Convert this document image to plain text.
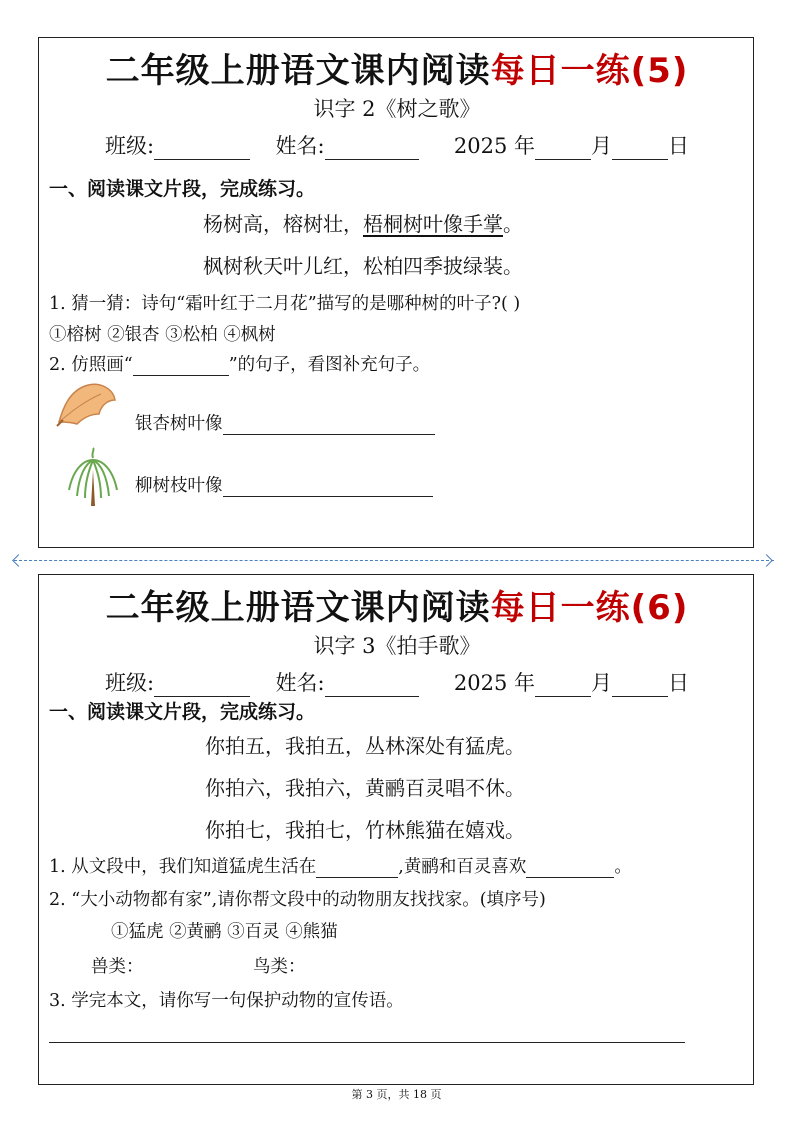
二年级上册语文课内阅读每日一练(5)
识字 2《树之歌》
班级:	姓名:	2025 年	月	日
一、阅读课文片段，完成练习。
杨树高，榕树壮，梧桐树叶像手掌。
枫树秋天叶儿红，松柏四季披绿装。
1. 猜一猜：诗句“霜叶红于二月花”描写的是哪种树的叶子?( )
①榕树 ②银杏 ③松柏 ④枫树
2. 仿照画“	”的句子，看图补充句子。
银杏树叶像
柳树枝叶像
二年级上册语文课内阅读每日一练(6)
识字 3《拍手歌》
班级:	姓名:	2025 年	月	日
一、阅读课文片段，完成练习。
你拍五，我拍五，丛林深处有猛虎。
你拍六，我拍六，黄鹂百灵唱不休。
你拍七，我拍七，竹林熊猫在嬉戏。
1. 从文段中，我们知道猛虎生活在	,黄鹂和百灵喜欢	。
2. “大小动物都有家”,请你帮文段中的动物朋友找找家。(填序号)
①猛虎 ②黄鹂 ③百灵 ④熊猫
兽类：	鸟类：
3. 学完本文，请你写一句保护动物的宣传语。
第 3 页，共 18 页
